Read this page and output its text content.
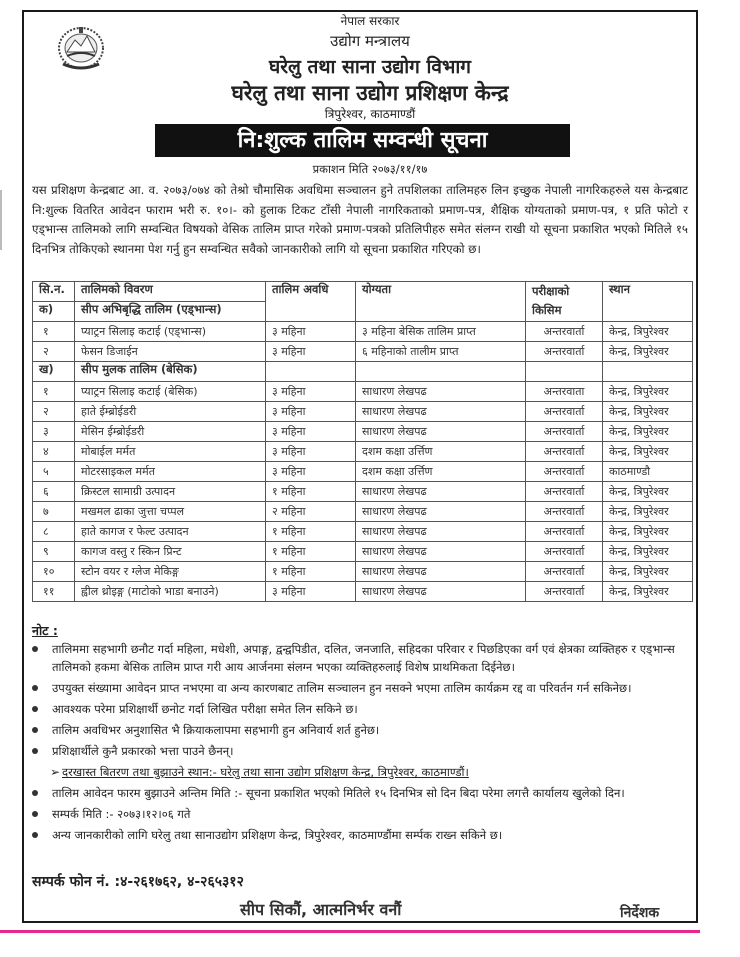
नेपाल सरकार
उद्योग मन्त्रालय
घरेलु तथा साना उद्योग विभाग
घरेलु तथा साना उद्योग प्रशिक्षण केन्द्र
त्रिपुरेश्वर, काठमाण्डौं
नि:शुल्क तालिम सम्वन्धी सूचना
प्रकाशन मिति २०७३/११/१७
यस प्रशिक्षण केन्द्रबाट आ. व. २०७३/०७४ को तेश्रो चौमासिक अवधिमा सञ्चालन हुने तपशिलका तालिमहरु लिन इच्छुक नेपाली नागरिकहरुले यस केन्द्रबाट नि:शुल्क वितरित आवेदन फाराम भरी रु. १०।- को हुलाक टिकट टाँसी नेपाली नागरिकताको प्रमाण-पत्र, शैक्षिक योग्यताको प्रमाण-पत्र, १ प्रति फोटो र एड्भान्स तालिमको लागि सम्वन्धित विषयको वेसिक तालिम प्राप्त गरेको प्रमाण-पत्रको प्रतिलिपीहरु समेत संलग्न राखी यो सूचना प्रकाशित भएको मितिले १५ दिनभित्र तोकिएको स्थानमा पेश गर्नु हुन सम्वन्धित सवैको जानकारीको लागि यो सूचना प्रकाशित गरिएको छ।
सि.न.	तालिमको विवरण	तालिम अवधि	योग्यता	परीक्षाको किसिम	स्थान
क)	सीप अभिबृद्धि तालिम (एड्भान्स)				
१	प्याट्रन सिलाइ कटाई (एड्भान्स)	३ महिना	३ महिना बेसिक तालिम प्राप्त	अन्तरवार्ता	केन्द्र, त्रिपुरेश्वर
२	फेसन डिजाईन	३ महिना	६ महिनाको तालीम प्राप्त	अन्तरवार्ता	केन्द्र, त्रिपुरेश्वर
ख)	सीप मुलक तालिम (बेसिक)				
१	प्याट्रन सिलाइ कटाई (बेसिक)	३ महिना	साधारण लेखपढ	अन्तरवाता	केन्द्र, त्रिपुरेश्वर
२	हाते ईम्ब्रोईडरी	३ महिना	साधारण लेखपढ	अन्तरवार्ता	केन्द्र, त्रिपुरेश्वर
३	मेसिन ईम्ब्रोईडरी	३ महिना	साधारण लेखपढ	अन्तरवार्ता	केन्द्र, त्रिपुरेश्वर
४	मोबाईल मर्मत	३ महिना	दशम कक्षा उर्त्तिण	अन्तरवार्ता	केन्द्र, त्रिपुरेश्वर
५	मोटरसाइकल मर्मत	३ महिना	दशम कक्षा उर्त्तिण	अन्तरवार्ता	काठमाण्डौ
६	क्रिस्टल सामाग्री उत्पादन	१ महिना	साधारण लेखपढ	अन्तरवार्ता	केन्द्र, त्रिपुरेश्वर
७	मखमल ढाका जुत्ता चप्पल	२ महिना	साधारण लेखपढ	अन्तरवार्ता	केन्द्र, त्रिपुरेश्वर
८	हाते कागज र फेल्ट उत्पादन	१ महिना	साधारण लेखपढ	अन्तरवार्ता	केन्द्र, त्रिपुरेश्वर
९	कागज वस्तु र स्किन प्रिन्ट	१ महिना	साधारण लेखपढ	अन्तरवार्ता	केन्द्र, त्रिपुरेश्वर
१०	स्टोन वयर र ग्लेज मेकिङ्ग	१ महिना	साधारण लेखपढ	अन्तरवार्ता	केन्द्र, त्रिपुरेश्वर
११	ह्वील थ्रोइङ्ग (माटोको भाडा बनाउने)	३ महिना	साधारण लेखपढ	अन्तरवार्ता	केन्द्र, त्रिपुरेश्वर
नोट :
तालिममा सहभागी छनौट गर्दा महिला, मधेशी, अपाङ्ग, द्वन्द्वपिडीत, दलित, जनजाति, सहिदका परिवार र पिछडिएका वर्ग एवं क्षेत्रका व्यक्तिहरु र एड्भान्स तालिमको हकमा बेसिक तालिम प्राप्त गरी आय आर्जनमा संलग्न भएका व्यक्तिहरुलाई विशेष प्राथमिकता दिईनेछ।
उपयुक्त संख्यामा आवेदन प्राप्त नभएमा वा अन्य कारणबाट तालिम सञ्चालन हुन नसक्ने भएमा तालिम कार्यक्रम रद्द वा परिवर्तन गर्न सकिनेछ।
आवश्यक परेमा प्रशिक्षार्थी छनोट गर्दा लिखित परीक्षा समेत लिन सकिने छ।
तालिम अवधिभर अनुशासित भै क्रियाकलापमा सहभागी हुन अनिवार्य शर्त हुनेछ।
प्रशिक्षार्थीले कुनै प्रकारको भत्ता पाउने छैनन्।
➢ दरखास्त बितरण तथा बुझाउने स्थान:- घरेलु तथा साना उद्योग प्रशिक्षण केन्द्र, त्रिपुरेश्वर, काठमाण्डौं।
तालिम आवेदन फारम बुझाउने अन्तिम मिति :- सूचना प्रकाशित भएको मितिले १५ दिनभित्र सो दिन बिदा परेमा लगत्तै कार्यालय खुलेको दिन।
सम्पर्क मिति :- २०७३।१२।०६ गते
अन्य जानकारीको लागि घरेलु तथा सानाउद्योग प्रशिक्षण केन्द्र, त्रिपुरेश्वर, काठमाण्डौंमा सर्म्पक राख्न सकिने छ।
सम्पर्क फोन नं. :४-२६१७६२, ४-२६५३१२
सीप सिकौं, आत्मनिर्भर वनौं	निर्देशक
